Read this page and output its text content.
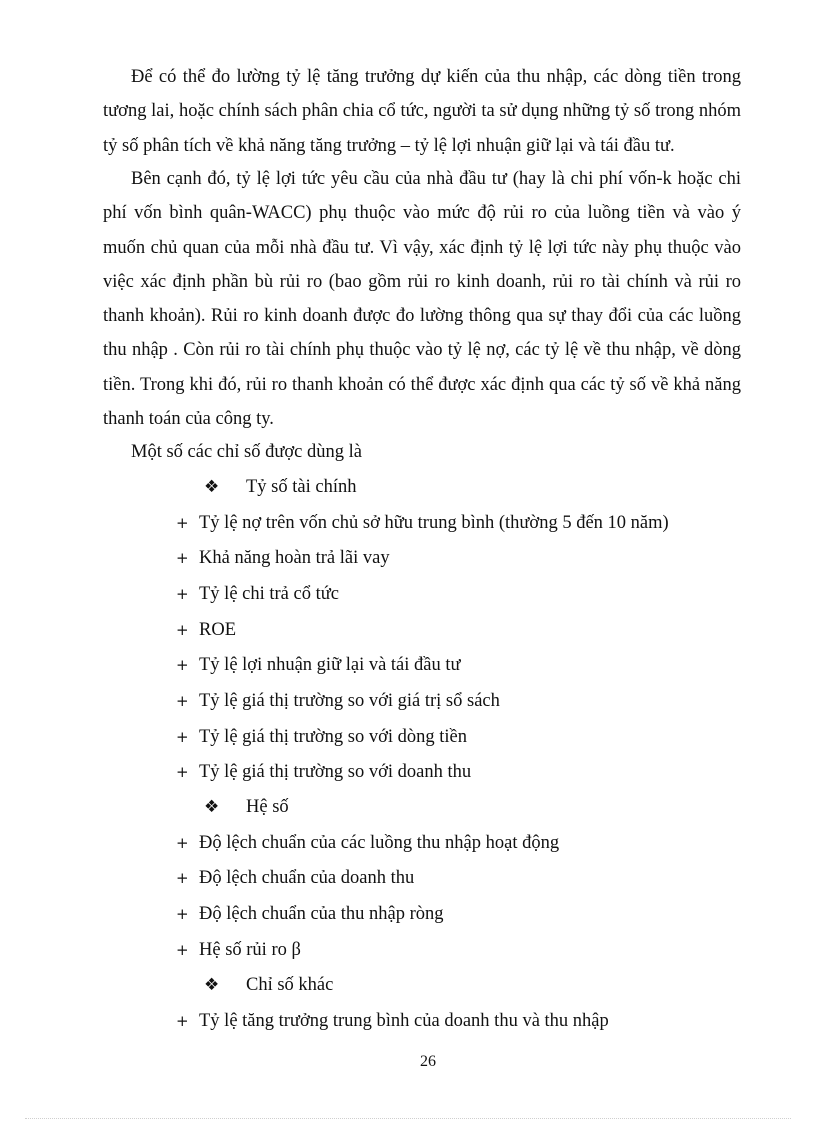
Để có thể đo lường tỷ lệ tăng trưởng dự kiến của thu nhập, các dòng tiền trong tương lai, hoặc chính sách phân chia cổ tức, người ta sử dụng những tỷ số trong nhóm tỷ số phân tích về khả năng tăng trưởng – tỷ lệ lợi nhuận giữ lại và tái đầu tư.

Bên cạnh đó, tỷ lệ lợi tức yêu cầu của nhà đầu tư (hay là chi phí vốn-k hoặc chi phí vốn bình quân-WACC) phụ thuộc vào mức độ rủi ro của luồng tiền và vào ý muốn chủ quan của mỗi nhà đầu tư. Vì vậy, xác định tỷ lệ lợi tức này phụ thuộc vào việc xác định phần bù rủi ro (bao gồm rủi ro kinh doanh, rủi ro tài chính và rủi ro thanh khoản). Rủi ro kinh doanh được đo lường thông qua sự thay đổi của các luồng thu nhập . Còn rủi ro tài chính phụ thuộc vào tỷ lệ nợ, các tỷ lệ về thu nhập, về dòng tiền. Trong khi đó, rủi ro thanh khoản có thể được xác định qua các tỷ số về khả năng thanh toán của công ty.

Một số các chỉ số được dùng là
❖ Tỷ số tài chính
+ Tỷ lệ nợ trên vốn chủ sở hữu trung bình (thường 5 đến 10 năm)
+ Khả năng hoàn trả lãi vay
+ Tỷ lệ chi trả cổ tức
+ ROE
+ Tỷ lệ lợi nhuận giữ lại và tái đầu tư
+ Tỷ lệ giá thị trường so với giá trị sổ sách
+ Tỷ lệ giá thị trường so với dòng tiền
+ Tỷ lệ giá thị trường so với doanh thu
❖ Hệ số
+ Độ lệch chuẩn của các luồng thu nhập hoạt động
+ Độ lệch chuẩn của doanh thu
+ Độ lệch chuẩn của thu nhập ròng
+ Hệ số rủi ro β
❖ Chỉ số khác
+ Tỷ lệ tăng trưởng trung bình của doanh thu và thu nhập
26
